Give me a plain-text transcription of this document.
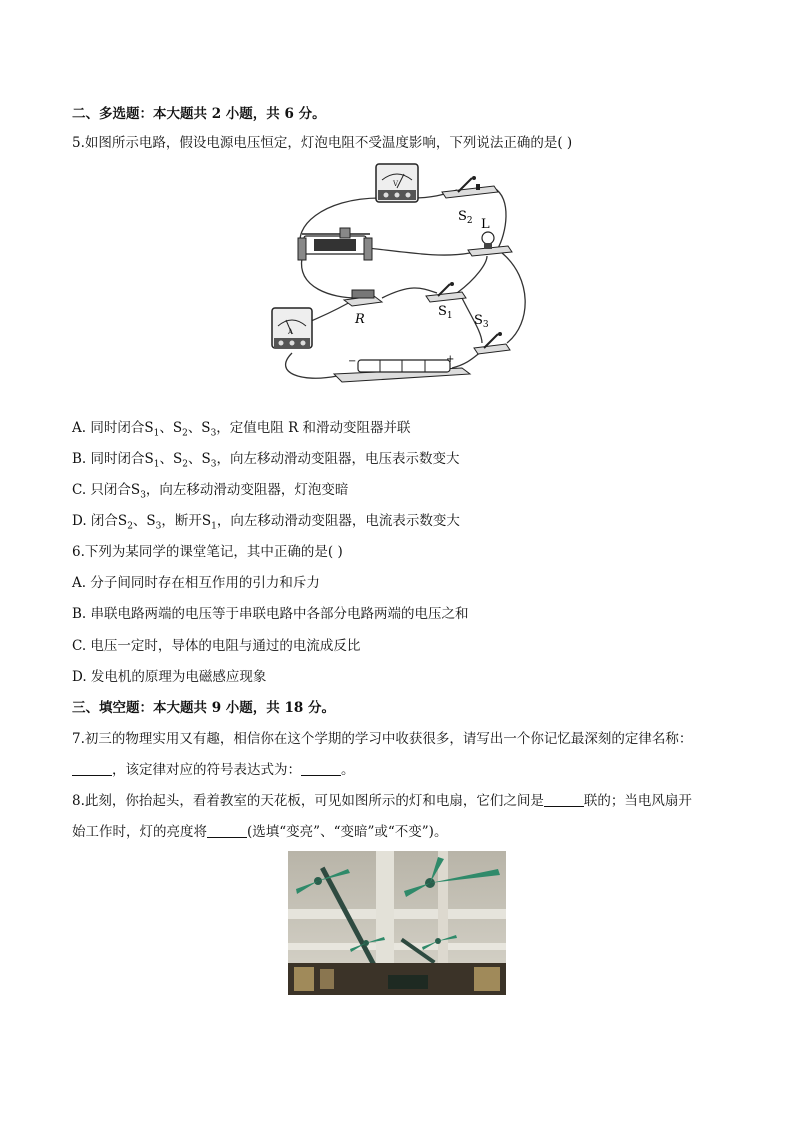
二、多选题：本大题共 2 小题，共 6 分。
5.如图所示电路，假设电源电压恒定，灯泡电阻不受温度影响，下列说法正确的是( )
V
$S_2$ L
R
$S_1$ $S_3$
A
−	+
A. 同时闭合$S_1$、$S_2$、$S_3$，定值电阻 R 和滑动变阻器并联
B. 同时闭合$S_1$、$S_2$、$S_3$，向左移动滑动变阻器，电压表示数变大
C. 只闭合$S_3$，向左移动滑动变阻器，灯泡变暗
D. 闭合$S_2$、$S_3$，断开$S_1$，向左移动滑动变阻器，电流表示数变大
6.下列为某同学的课堂笔记，其中正确的是( )
A. 分子间同时存在相互作用的引力和斥力
B. 串联电路两端的电压等于串联电路中各部分电路两端的电压之和
C. 电压一定时，导体的电阻与通过的电流成反比
D. 发电机的原理为电磁感应现象
三、填空题：本大题共 9 小题，共 18 分。
7.初三的物理实用又有趣，相信你在这个学期的学习中收获很多，请写出一个你记忆最深刻的定律名称：
，该定律对应的符号表达式为：	。
8.此刻，你抬起头，看着教室的天花板，可见如图所示的灯和电扇，它们之间是	联的；当电风扇开
始工作时，灯的亮度将	(选填“变亮”、“变暗”或“不变”)。
